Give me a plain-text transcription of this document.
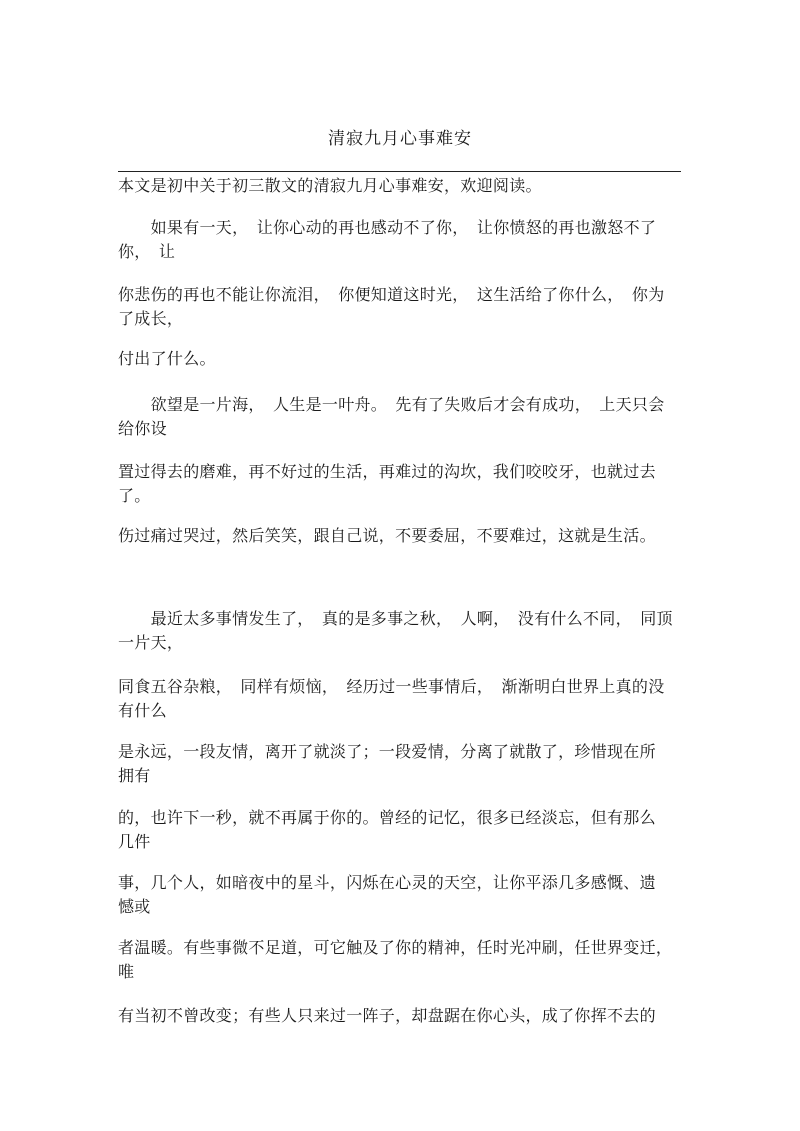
清寂九月心事难安
本文是初中关于初三散文的清寂九月心事难安，欢迎阅读。
　　如果有一天，　让你心动的再也感动不了你，　让你愤怒的再也激怒不了
你，　让
你悲伤的再也不能让你流泪，　你便知道这时光，　这生活给了你什么，　你为
了成长，
付出了什么。
　　欲望是一片海，　人生是一叶舟。　先有了失败后才会有成功，　上天只会
给你设
置过得去的磨难，再不好过的生活，再难过的沟坎，我们咬咬牙，也就过去
了。
伤过痛过哭过，然后笑笑，跟自己说，不要委屈，不要难过，这就是生活。
　　最近太多事情发生了，　真的是多事之秋，　人啊，　没有什么不同，　同顶
一片天，
同食五谷杂粮，　同样有烦恼，　经历过一些事情后，　渐渐明白世界上真的没
有什么
是永远，一段友情，离开了就淡了；一段爱情，分离了就散了，珍惜现在所
拥有
的，也许下一秒，就不再属于你的。曾经的记忆，很多已经淡忘，但有那么
几件
事，几个人，如暗夜中的星斗，闪烁在心灵的天空，让你平添几多感慨、遗
憾或
者温暖。有些事微不足道，可它触及了你的精神，任时光冲刷，任世界变迁，
唯
有当初不曾改变；有些人只来过一阵子，却盘踞在你心头，成了你挥不去的
